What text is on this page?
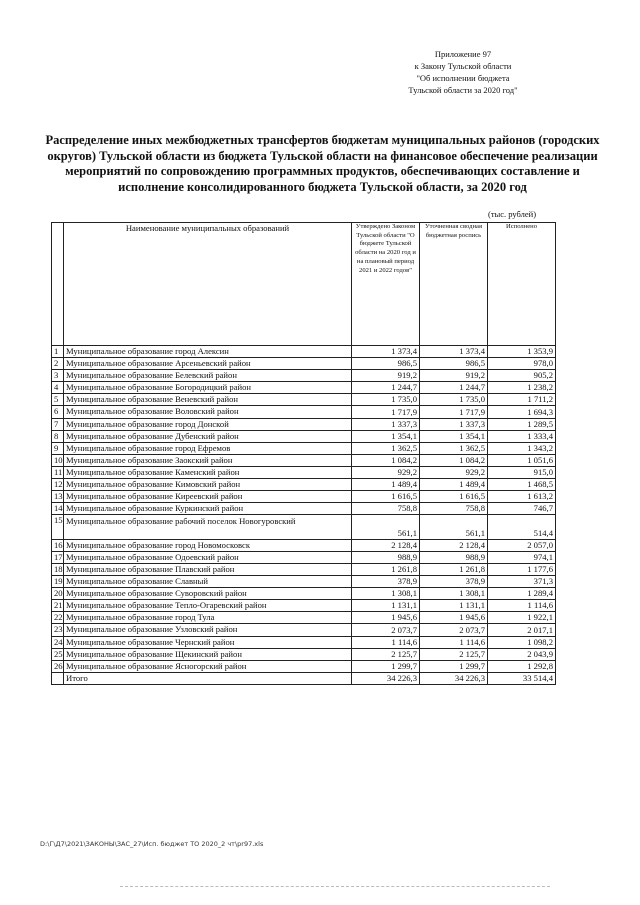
Приложение 97
к Закону Тульской области
"Об исполнении бюджета
Тульской области за 2020 год"
Распределение иных межбюджетных трансфертов бюджетам муниципальных районов (городских округов) Тульской области из бюджета Тульской области на финансовое обеспечение реализации мероприятий по сопровождению программных продуктов, обеспечивающих составление и исполнение консолидированного бюджета Тульской области, за 2020 год
(тыс. рублей)
	Наименование муниципальных образований	Утверждено Законом Тульской области "О бюджете Тульской области на 2020 год и на плановый период 2021 и 2022 годов"	Уточненная сводная бюджетная роспись	Исполнено
1	Муниципальное образование город Алексин	1 373,4	1 373,4	1 353,9
2	Муниципальное образование Арсеньевский район	986,5	986,5	978,0
3	Муниципальное образование Белевский район	919,2	919,2	905,2
4	Муниципальное образование Богородицкий район	1 244,7	1 244,7	1 238,2
5	Муниципальное образование Веневский район	1 735,0	1 735,0	1 711,2
6	Муниципальное образование Воловский район	1 717,9	1 717,9	1 694,3
7	Муниципальное образование город Донской	1 337,3	1 337,3	1 289,5
8	Муниципальное образование Дубенский район	1 354,1	1 354,1	1 333,4
9	Муниципальное образование город Ефремов	1 362,5	1 362,5	1 343,2
10	Муниципальное образование Заокский район	1 084,2	1 084,2	1 051,6
11	Муниципальное образование Каменский район	929,2	929,2	915,0
12	Муниципальное образование Кимовский район	1 489,4	1 489,4	1 468,5
13	Муниципальное образование Киреевский район	1 616,5	1 616,5	1 613,2
14	Муниципальное образование Куркинский район	758,8	758,8	746,7
15	Муниципальное образование рабочий поселок Новогуровский	561,1	561,1	514,4
16	Муниципальное образование город Новомосковск	2 128,4	2 128,4	2 057,0
17	Муниципальное образование Одоевский район	988,9	988,9	974,1
18	Муниципальное образование Плавский район	1 261,8	1 261,8	1 177,6
19	Муниципальное образование Славный	378,9	378,9	371,3
20	Муниципальное образование Суворовский район	1 308,1	1 308,1	1 289,4
21	Муниципальное образование Тепло-Огаревский район	1 131,1	1 131,1	1 114,6
22	Муниципальное образование город Тула	1 945,6	1 945,6	1 922,1
23	Муниципальное образование Узловский район	2 073,7	2 073,7	2 017,1
24	Муниципальное образование Чернский район	1 114,6	1 114,6	1 098,2
25	Муниципальное образование Щекинский район	2 125,7	2 125,7	2 043,9
26	Муниципальное образование Ясногорский район	1 299,7	1 299,7	1 292,8
	Итого	34 226,3	34 226,3	33 514,4
D:\Г\Д7\2021\ЗАКОНЫ\ЗАС_27\Исп. бюджет ТО 2020_2 чт\pr97.xls
